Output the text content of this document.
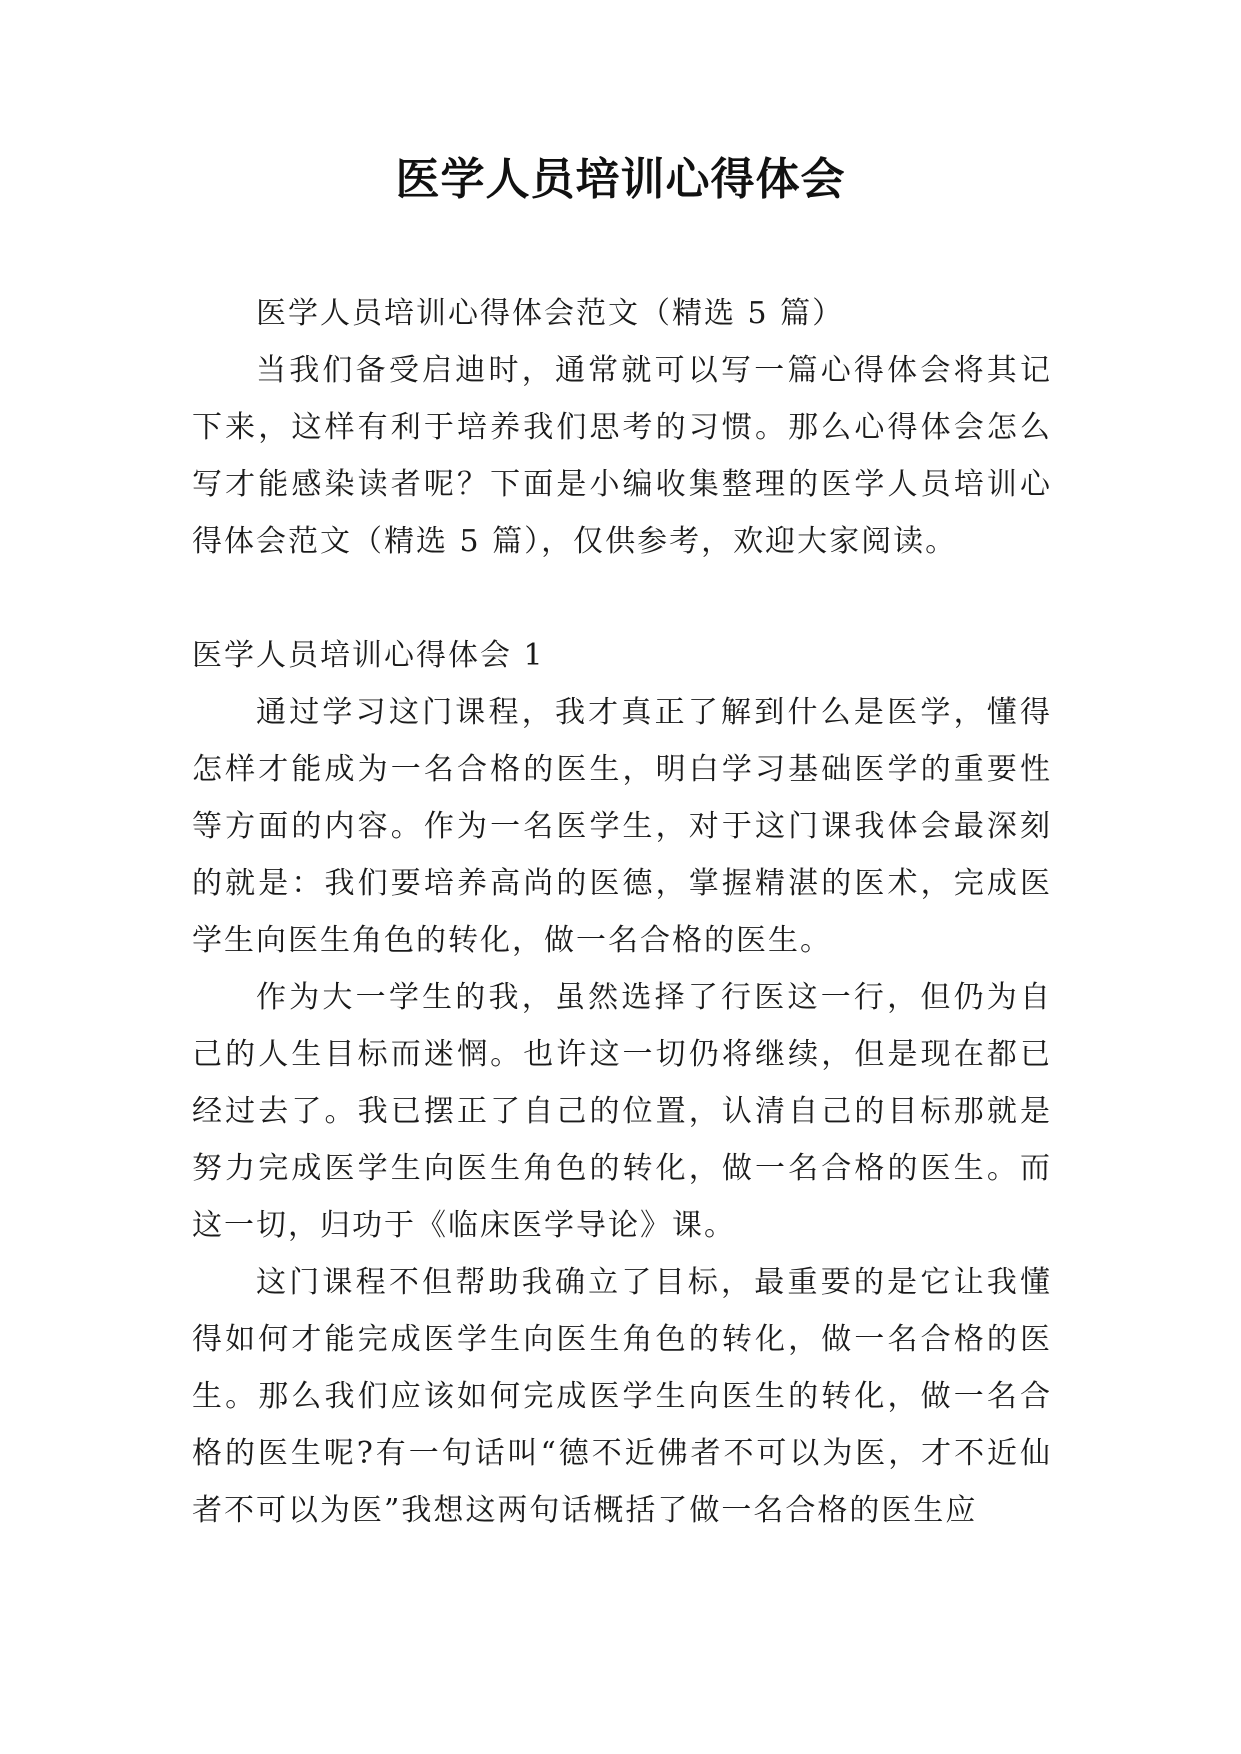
医学人员培训心得体会

医学人员培训心得体会范文（精选 5 篇）

当我们备受启迪时，通常就可以写一篇心得体会将其记下来，这样有利于培养我们思考的习惯。那么心得体会怎么写才能感染读者呢？下面是小编收集整理的医学人员培训心得体会范文（精选 5 篇），仅供参考，欢迎大家阅读。

医学人员培训心得体会 1

通过学习这门课程，我才真正了解到什么是医学，懂得怎样才能成为一名合格的医生，明白学习基础医学的重要性等方面的内容。作为一名医学生，对于这门课我体会最深刻的就是：我们要培养高尚的医德，掌握精湛的医术，完成医学生向医生角色的转化，做一名合格的医生。

作为大一学生的我，虽然选择了行医这一行，但仍为自己的人生目标而迷惘。也许这一切仍将继续，但是现在都已经过去了。我已摆正了自己的位置，认清自己的目标那就是努力完成医学生向医生角色的转化，做一名合格的医生。而这一切，归功于《临床医学导论》课。

这门课程不但帮助我确立了目标，最重要的是它让我懂得如何才能完成医学生向医生角色的转化，做一名合格的医生。那么我们应该如何完成医学生向医生的转化，做一名合格的医生呢?有一句话叫“德不近佛者不可以为医，才不近仙者不可以为医”我想这两句话概括了做一名合格的医生应
